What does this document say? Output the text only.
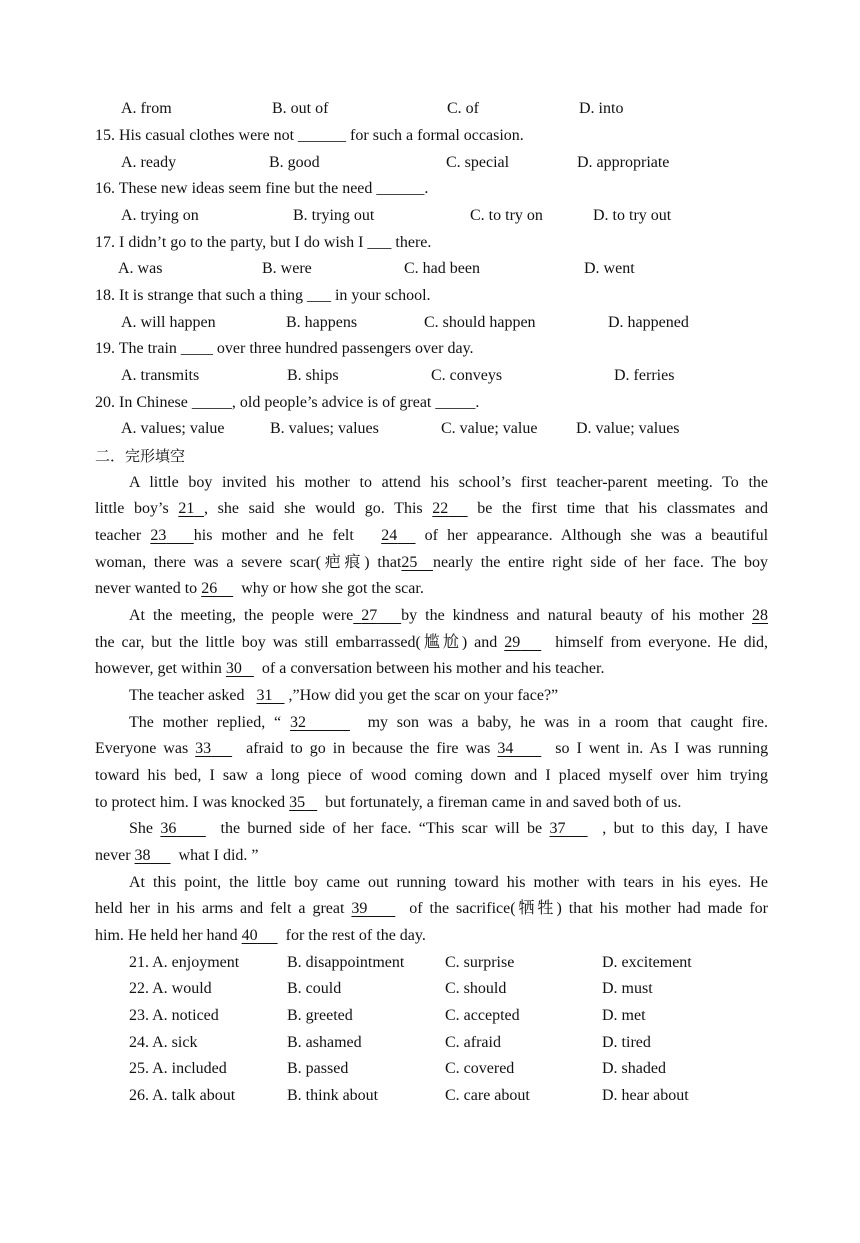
A. from

	B. out of

	C. of

	D. into

15. His casual clothes were not ______ for such a formal occasion.

A. ready

	B. good

	C. special

	D. appropriate

16. These new ideas seem fine but the need ______.

A. trying on

	B. trying out

	C. to try on

	D. to try out

17. I didn’t go to the party, but I do wish I ___ there.

A. was

	B. were

	C. had been

	D. went

18. It is strange that such a thing ___ in your school.

A. will happen

	B. happens

	C. should happen

	D. happened

19. The train ____ over three hundred passengers over day.

A. transmits

	B. ships

	C. conveys

	D. ferries

20. In Chinese _____, old people’s advice is of great _____.

A. values; value

	B. values; values

	C. value; value

D. value; values

二．完形填空

A little boy invited his mother to attend his school’s first teacher-parent meeting. To the
little boy’s 21 , she said she would go. This 22 be the first time that his classmates and
teacher 23 his mother and he felt 24 of her appearance. Although she was a beautiful
woman, there was a severe scar(疤痕) that25 nearly the entire right side of her face. The boy
never wanted to 26 why or how she got the scar.
At the meeting, the people were 27 by the kindness and natural beauty of his mother 28
the car, but the little boy was still embarrassed(尴尬) and 29 himself from everyone. He did,
however, get within 30 of a conversation between his mother and his teacher.
The teacher asked 31 ,”How did you get the scar on your face?”
The mother replied, “ 32	my son was a baby, he was in a room that caught fire.
Everyone was 33 afraid to go in because the fire was 34	so I went in. As I was running
toward his bed, I saw a long piece of wood coming down and I placed myself over him trying
to protect him. I was knocked 35 but fortunately, a fireman came in and saved both of us.
She 36	the burned side of her face. “This scar will be 37 , but to this day, I have
never 38 what I did. ”
At this point, the little boy came out running toward his mother with tears in his eyes. He
held her in his arms and felt a great 39	of the sacrifice(牺牲) that his mother had made for
him. He held her hand 40 for the rest of the day.

21. A. enjoyment

	B. disappointment

	C. surprise

	D. excitement

22. A. would

	B. could

	C. should

	D. must

23. A. noticed

	B. greeted

	C. accepted

	D. met

24. A. sick

	B. ashamed

	C. afraid

	D. tired

25. A. included

	B. passed

	C. covered

	D. shaded

26. A. talk about

	B. think about

	C. care about

	D. hear about
